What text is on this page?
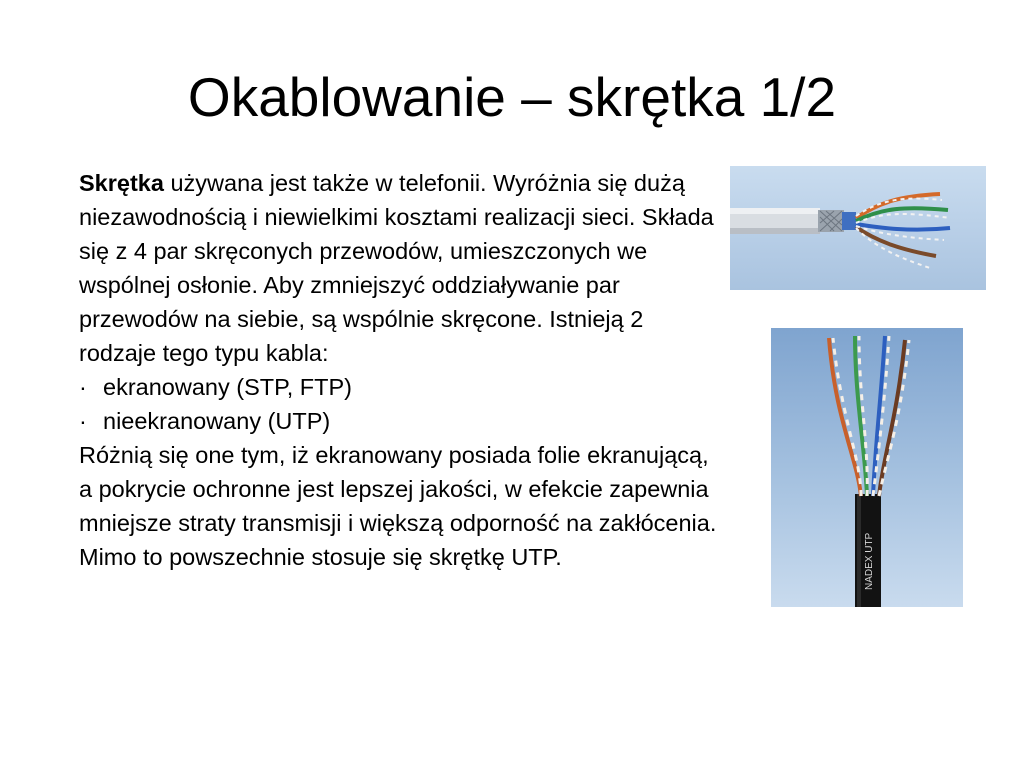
Okablowanie – skrętka 1/2

Skrętka używana jest także w telefonii. Wyróżnia się dużą niezawodnością i niewielkimi kosztami realizacji sieci. Składa się z 4 par skręconych przewodów, umieszczonych we wspólnej osłonie. Aby zmniejszyć oddziaływanie par przewodów na siebie, są wspólnie skręcone. Istnieją 2 rodzaje tego typu kabla:

· ekranowany (STP, FTP)
· nieekranowany (UTP)

Różnią się one tym, iż ekranowany posiada folie ekranującą, a pokrycie ochronne jest lepszej jakości, w efekcie zapewnia mniejsze straty transmisji i większą odporność na zakłócenia. Mimo to powszechnie stosuje się skrętkę UTP.	NADEX UTP
